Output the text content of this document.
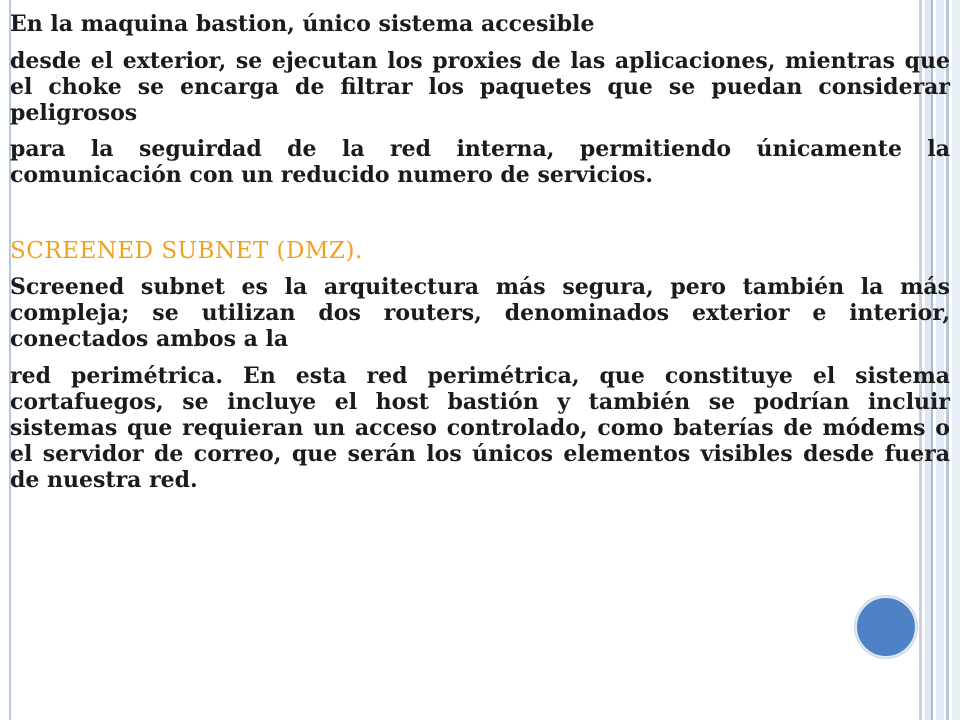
En la maquina bastion, único sistema accesible

desde el exterior, se ejecutan los proxies de las aplicaciones, mientras que el choke se encarga de filtrar los paquetes que se puedan considerar peligrosos

para la seguirdad de la red interna, permitiendo únicamente la comunicación con un reducido numero de servicios.

SCREENED SUBNET (DMZ).

Screened subnet es la arquitectura más segura, pero también la más compleja; se utilizan dos routers, denominados exterior e interior, conectados ambos a la

red perimétrica. En esta red perimétrica, que constituye el sistema cortafuegos, se incluye el host bastión y también se podrían incluir sistemas que requieran un acceso controlado, como baterías de módems o el servidor de correo, que serán los únicos elementos visibles desde fuera de nuestra red.
